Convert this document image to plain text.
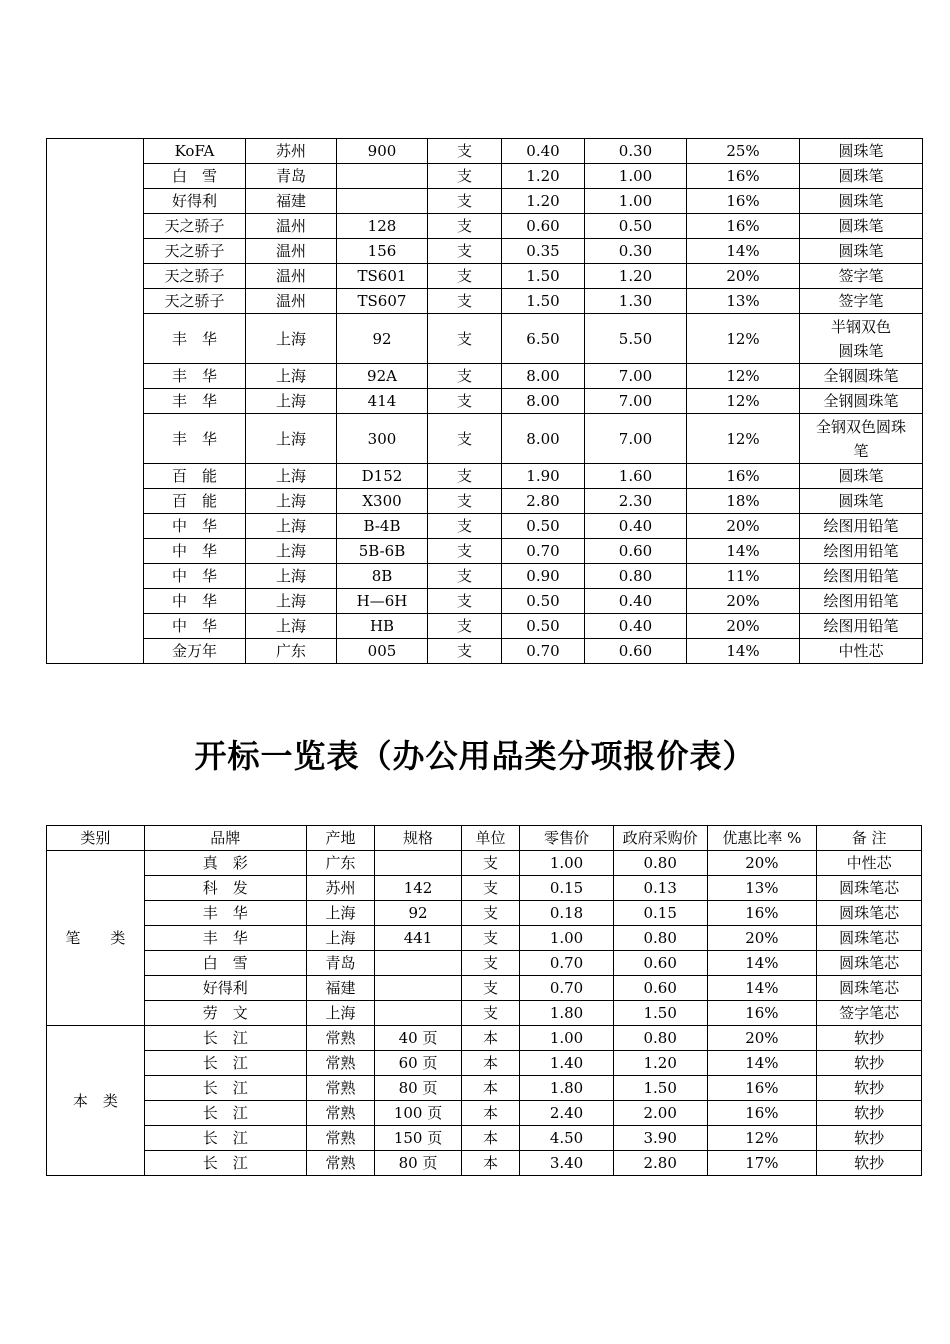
	KoFA	苏州	900	支	0.40	0.30	25%	圆珠笔
	白　雪	青岛		支	1.20	1.00	16%	圆珠笔
	好得利	福建		支	1.20	1.00	16%	圆珠笔
	天之骄子	温州	128	支	0.60	0.50	16%	圆珠笔
	天之骄子	温州	156	支	0.35	0.30	14%	圆珠笔
	天之骄子	温州	TS601	支	1.50	1.20	20%	签字笔
	天之骄子	温州	TS607	支	1.50	1.30	13%	签字笔
	丰　华	上海	92	支	6.50	5.50	12%	半钢双色
圆珠笔

	丰　华	上海	92A	支	8.00	7.00	12%	全钢圆珠笔
	丰　华	上海	414	支	8.00	7.00	12%	全钢圆珠笔
	丰　华	上海	300	支	8.00	7.00	12%	全钢双色圆珠
笔

	百　能	上海	D152	支	1.90	1.60	16%	圆珠笔
	百　能	上海	X300	支	2.80	2.30	18%	圆珠笔
	中　华	上海	B-4B	支	0.50	0.40	20%	绘图用铅笔
	中　华	上海	5B-6B	支	0.70	0.60	14%	绘图用铅笔
	中　华	上海	8B	支	0.90	0.80	11%	绘图用铅笔
	中　华	上海	H—6H	支	0.50	0.40	20%	绘图用铅笔
	中　华	上海	HB	支	0.50	0.40	20%	绘图用铅笔
	金万年	广东	005	支	0.70	0.60	14%	中性芯
开标一览表（办公用品类分项报价表）
类别	品牌	产地	规格	单位	零售价	政府采购价	优惠比率 %	备 注
笔　　类	真　彩	广东		支	1.00	0.80	20%	中性芯
	科　发	苏州	142	支	0.15	0.13	13%	圆珠笔芯
	丰　华	上海	92	支	0.18	0.15	16%	圆珠笔芯
	丰　华	上海	441	支	1.00	0.80	20%	圆珠笔芯
	白　雪	青岛		支	0.70	0.60	14%	圆珠笔芯
	好得利	福建		支	0.70	0.60	14%	圆珠笔芯
	劳　文	上海		支	1.80	1.50	16%	签字笔芯
本　类	长　江	常熟	40 页	本	1.00	0.80	20%	软抄
	长　江	常熟	60 页	本	1.40	1.20	14%	软抄
	长　江	常熟	80 页	本	1.80	1.50	16%	软抄
	长　江	常熟	100 页	本	2.40	2.00	16%	软抄
	长　江	常熟	150 页	本	4.50	3.90	12%	软抄
	长　江	常熟	80 页	本	3.40	2.80	17%	软抄
